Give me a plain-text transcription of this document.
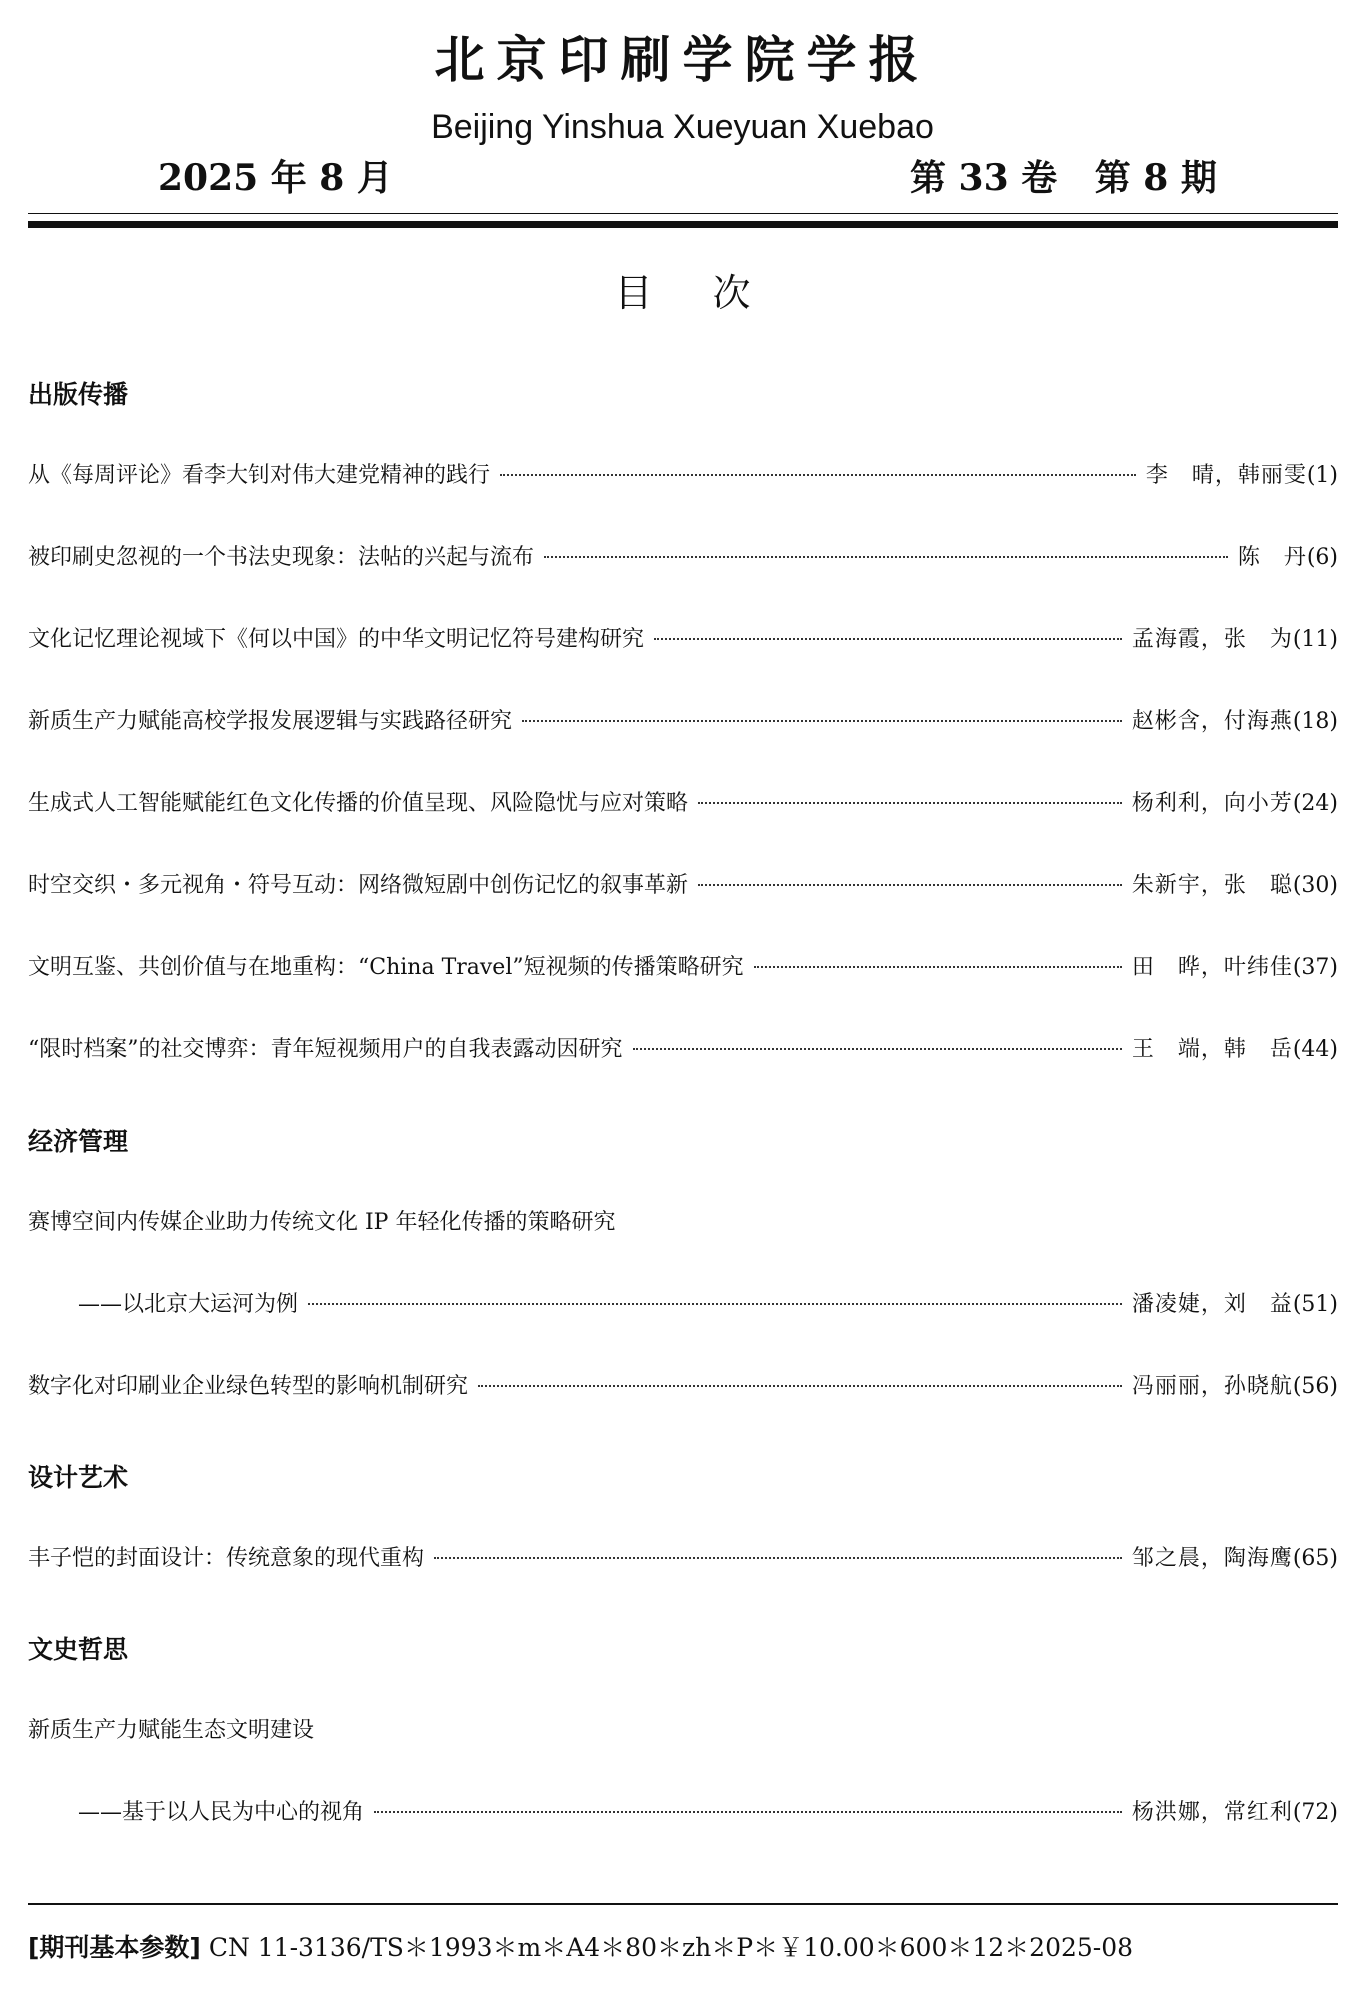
北京印刷学院学报
Beijing Yinshua Xueyuan Xuebao
2025 年 8 月	第 33 卷   第 8 期
目次
出版传播
从《每周评论》看李大钊对伟大建党精神的践行	李　晴，韩丽雯 (1)
被印刷史忽视的一个书法史现象：法帖的兴起与流布	陈　丹 (6)
文化记忆理论视域下《何以中国》的中华文明记忆符号建构研究	孟海霞，张　为 (11)
新质生产力赋能高校学报发展逻辑与实践路径研究	赵彬含，付海燕 (18)
生成式人工智能赋能红色文化传播的价值呈现、风险隐忧与应对策略	杨利利，向小芳 (24)
时空交织・多元视角・符号互动：网络微短剧中创伤记忆的叙事革新	朱新宇，张　聪 (30)
文明互鉴、共创价值与在地重构：“China Travel”短视频的传播策略研究	田　晔，叶纬佳 (37)
“限时档案”的社交博弈：青年短视频用户的自我表露动因研究	王　端，韩　岳 (44)
经济管理
赛博空间内传媒企业助力传统文化 IP 年轻化传播的策略研究
——以北京大运河为例	潘凌婕，刘　益 (51)
数字化对印刷业企业绿色转型的影响机制研究	冯丽丽，孙晓航 (56)
设计艺术
丰子恺的封面设计：传统意象的现代重构	邹之晨，陶海鹰 (65)
文史哲思
新质生产力赋能生态文明建设
——基于以人民为中心的视角	杨洪娜，常红利 (72)
[期刊基本参数] CN 11-3136/TS＊1993＊m＊A4＊80＊zh＊P＊￥10.00＊600＊12＊2025-08
